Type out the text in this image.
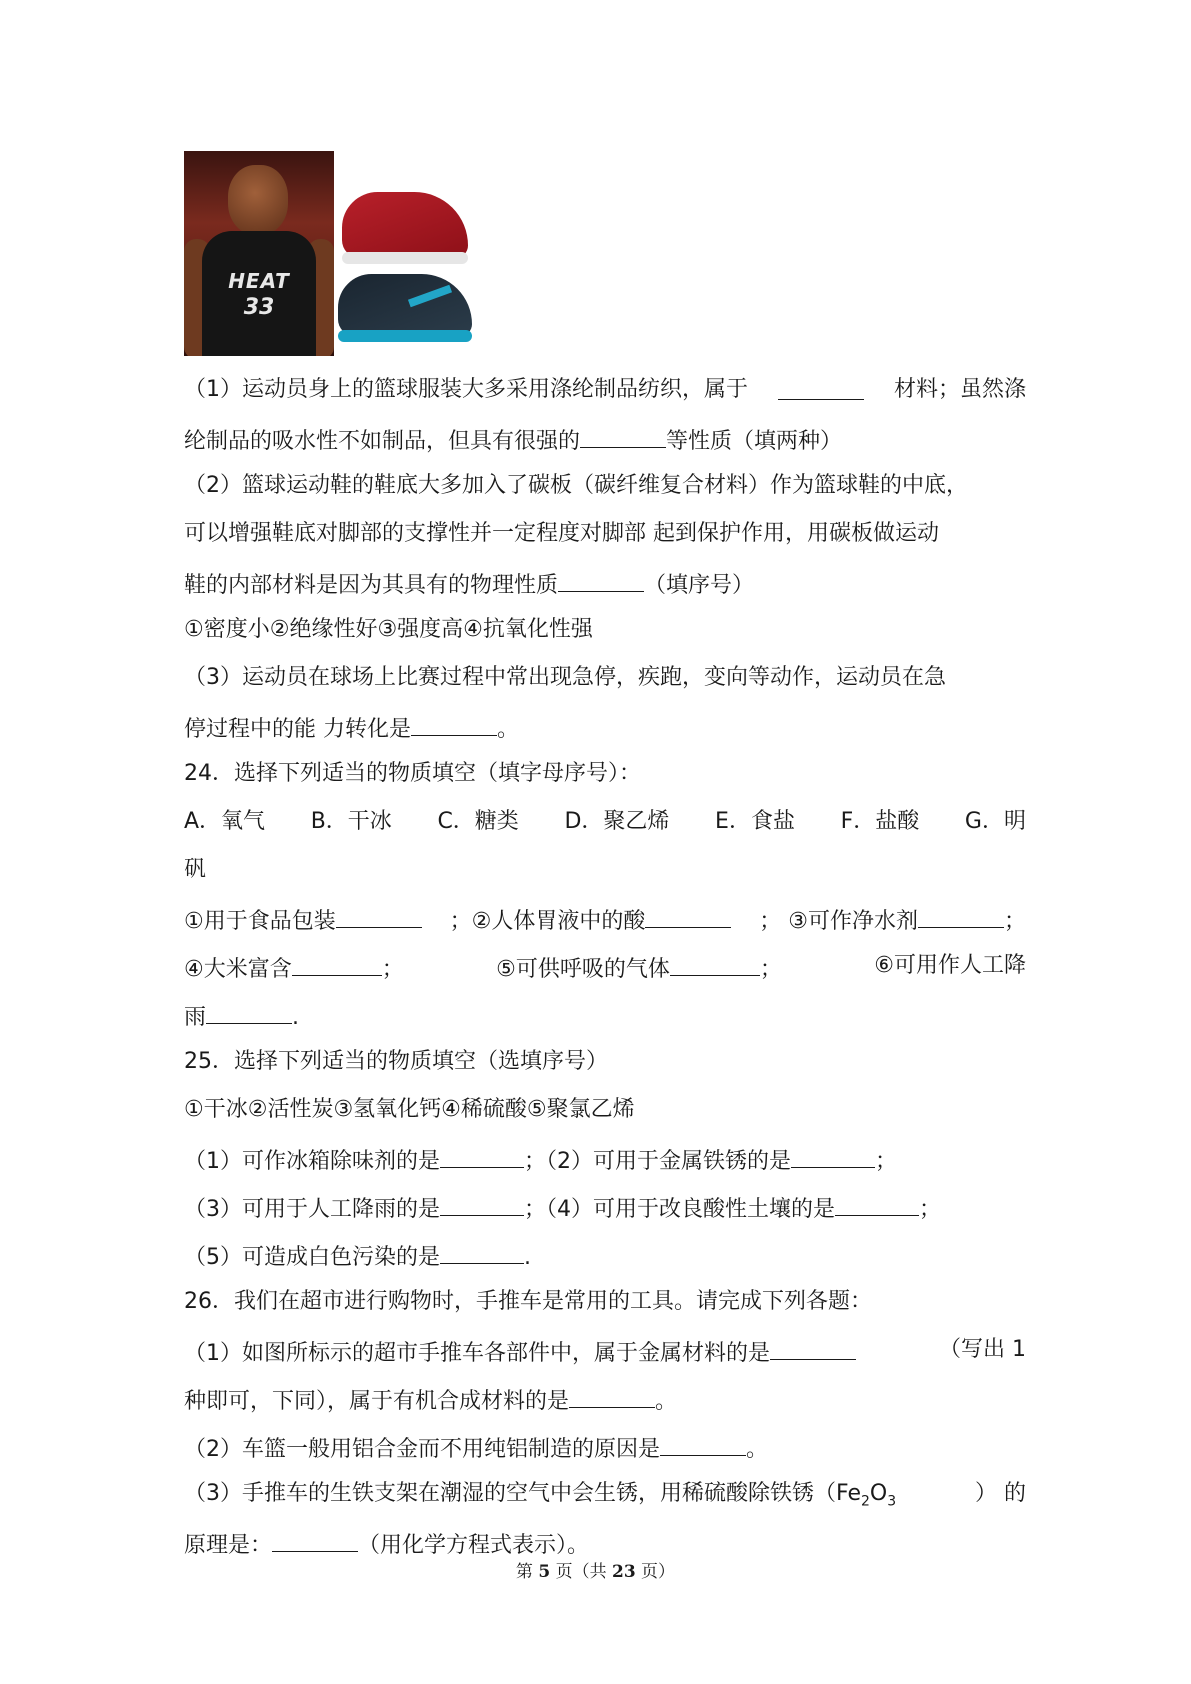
HEAT
33
（1）运动员身上的篮球服装大多采用涤纶制品纺织，属于	材料；虽然涤
纶制品的吸水性不如制品，但具有很强的	等性质（填两种）
（2）篮球运动鞋的鞋底大多加入了碳板（碳纤维复合材料）作为篮球鞋的中底，
可以增强鞋底对脚部的支撑性并一定程度对脚部 起到保护作用，用碳板做运动
鞋的内部材料是因为其具有的物理性质	（填序号）
①密度小②绝缘性好③强度高④抗氧化性强
（3）运动员在球场上比赛过程中常出现急停，疾跑，变向等动作，运动员在急
停过程中的能 力转化是	。
24．选择下列适当的物质填空（填字母序号）：
A．氧气 B．干冰 C．糖类 D．聚乙烯 E．食盐 F．盐酸 G．明
矾
①用于食品包装	；②人体胃液中的酸	； ③可作净水剂	；
④大米富含	；	⑤可供呼吸的气体	；	⑥可用作人工降
雨	.
25．选择下列适当的物质填空（选填序号）
①干冰②活性炭③氢氧化钙④稀硫酸⑤聚氯乙烯
（1）可作冰箱除味剂的是	；（2）可用于金属铁锈的是	；
（3）可用于人工降雨的是	；（4）可用于改良酸性土壤的是	；
（5）可造成白色污染的是	.
26．我们在超市进行购物时，手推车是常用的工具。请完成下列各题：
（1）如图所标示的超市手推车各部件中，属于金属材料的是	（写出 1
种即可，下同），属于有机合成材料的是	。
（2）车篮一般用铝合金而不用纯铝制造的原因是	。
（3）手推车的生铁支架在潮湿的空气中会生锈，用稀硫酸除铁锈（$Fe_2O_3$	） 的
原理是：	（用化学方程式表示）。
第 5 页（共 23 页）
